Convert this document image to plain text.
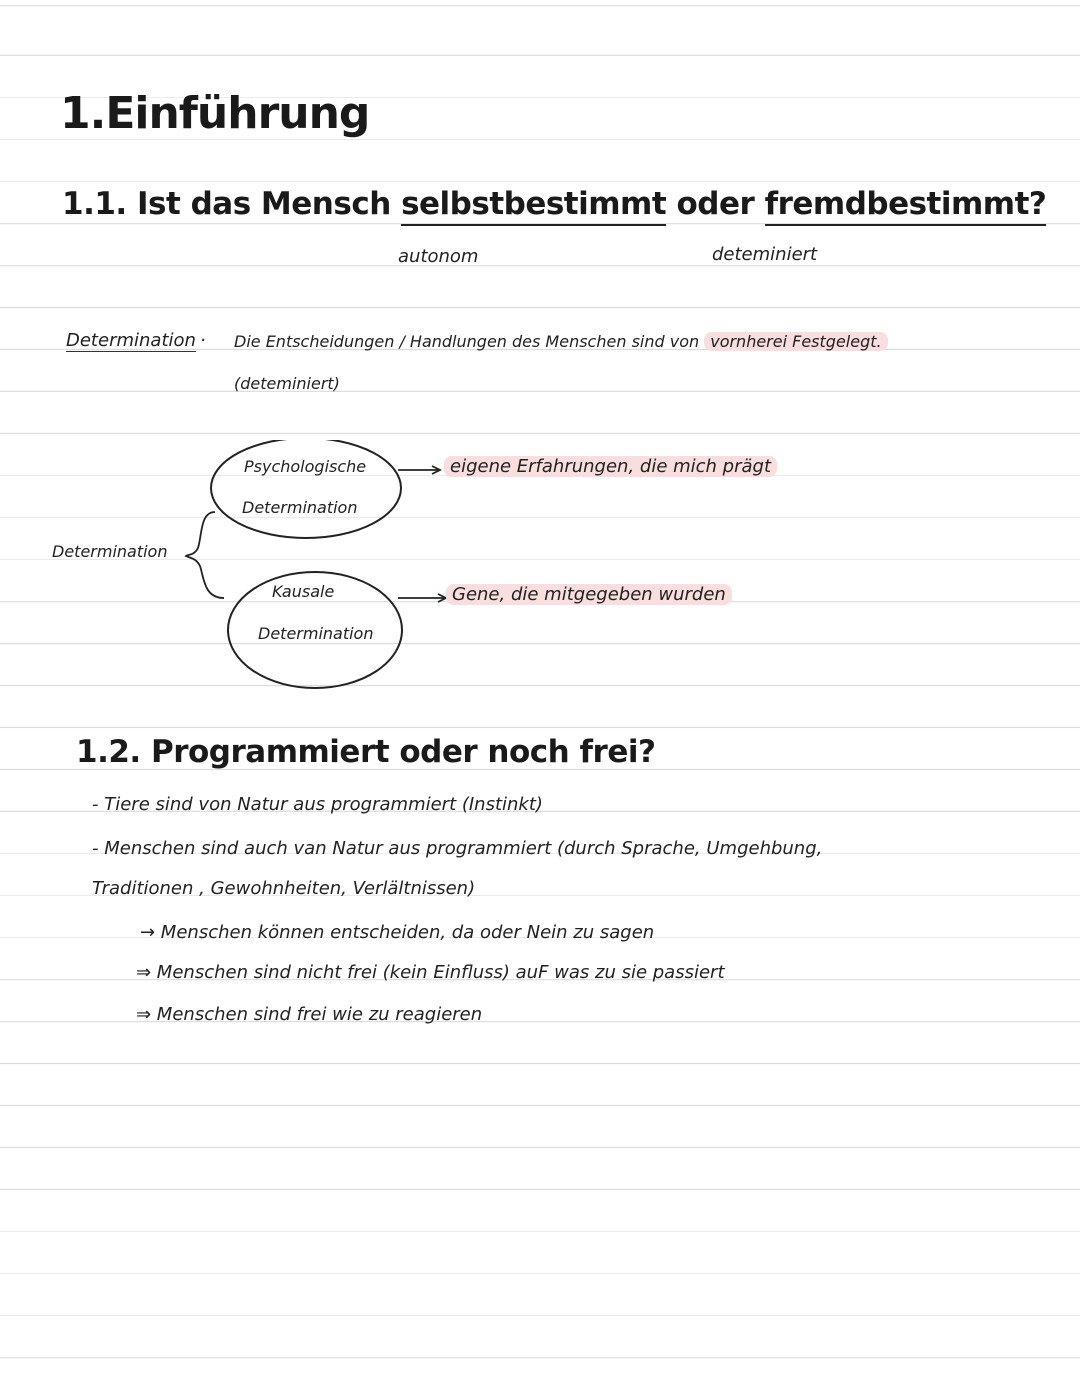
1.Einführung
1.1. Ist das Mensch selbstbestimmt oder fremdbestimmt?
autonom	deteminiert
Determination · Die Entscheidungen / Handlungen des Menschen sind von vornherei Festgelegt.
(deteminiert)
Determination
Psychologische
Determination
eigene Erfahrungen, die mich prägt
Kausale
Determination
Gene, die mitgegeben wurden
1.2. Programmiert oder noch frei?
- Tiere sind von Natur aus programmiert (Instinkt)
- Menschen sind auch van Natur aus programmiert (durch Sprache, Umgehbung,
Traditionen , Gewohnheiten, Verlältnissen)
→ Menschen können entscheiden, da oder Nein zu sagen
⇒ Menschen sind nicht frei (kein Einfluss) auF was zu sie passiert
⇒ Menschen sind frei wie zu reagieren
